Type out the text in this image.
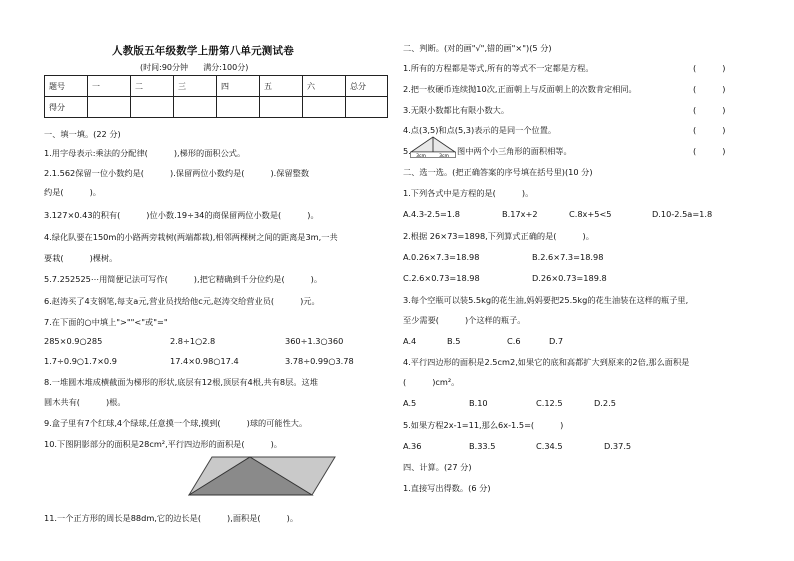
人教版五年级数学上册第八单元测试卷
(时间:90分钟      满分:100分)
题号	一	二	三	四	五	六	总分
得分							
一、填一填。(22 分)
1.用字母表示:乘法的分配律(          ),梯形的面积公式。
2.1.562保留一位小数约是(          ).保留两位小数约是(          ).保留整数
约是(          )。
3.127×0.43的积有(          )位小数.19÷34的商保留两位小数是(          )。
4.绿化队要在150m的小路两旁栽树(两端都栽),相邻两棵树之间的距离是3m,一共
要栽(          )棵树。
5.7.252525⋯用简便记法可写作(          ),把它精确到千分位约是(          )。
6.赵涛买了4支钢笔,每支a元,营业员找给他c元,赵涛交给营业员(          )元。
7.在下面的○中填上">""<"或"="
285×0.9○285	2.8÷1○2.8	360÷1.3○360
1.7÷0.9○1.7×0.9	17.4×0.98○17.4	3.78÷0.99○3.78
8.一堆圆木堆成横截面为梯形的形状,底层有12根,顶层有4根,共有8层。这堆
圆木共有(          )根。
9.盒子里有7个红球,4个绿球,任意摸一个球,摸到(          )球的可能性大。
10.下图阴影部分的面积是28cm²,平行四边形的面积是(          )。
11.一个正方形的周长是88dm,它的边长是(          ),面积是(          )。
二、判断。(对的画"√",错的画"×")(5 分)
1.所有的方程都是等式,所有的等式不一定都是方程。	(          )
2.把一枚硬币连续抛10次,正面朝上与反面朝上的次数肯定相同。	(          )
3.无限小数都比有限小数大。	(          )
4.点(3,5)和点(5,3)表示的是同一个位置。	(          )
5.
3cm	3cm
图中两个小三角形的面积相等。	(          )
二、选一选。(把正确答案的序号填在括号里)(10 分)
1.下列各式中是方程的是(          )。
A.4.3-2.5=1.8	B.17x+2	C.8x+5<5	D.10-2.5a=1.8
2.根据 26×73=1898,下列算式正确的是(          )。
A.0.26×7.3=18.98	B.2.6×7.3=18.98
C.2.6×0.73=18.98	D.26×0.73=189.8
3.每个空瓶可以装5.5kg的花生油,妈妈要把25.5kg的花生油装在这样的瓶子里,
至少需要(          )个这样的瓶子。
A.4	B.5	C.6	D.7
4.平行四边形的面积是2.5cm2,如果它的底和高都扩大到原来的2倍,那么面积是
(          )cm²。
A.5	B.10	C.12.5	D.2.5
5.如果方程2x-1=11,那么6x-1.5=(          )
A.36	B.33.5	C.34.5	D.37.5
四、计算。(27 分)
1.直接写出得数。(6 分)
